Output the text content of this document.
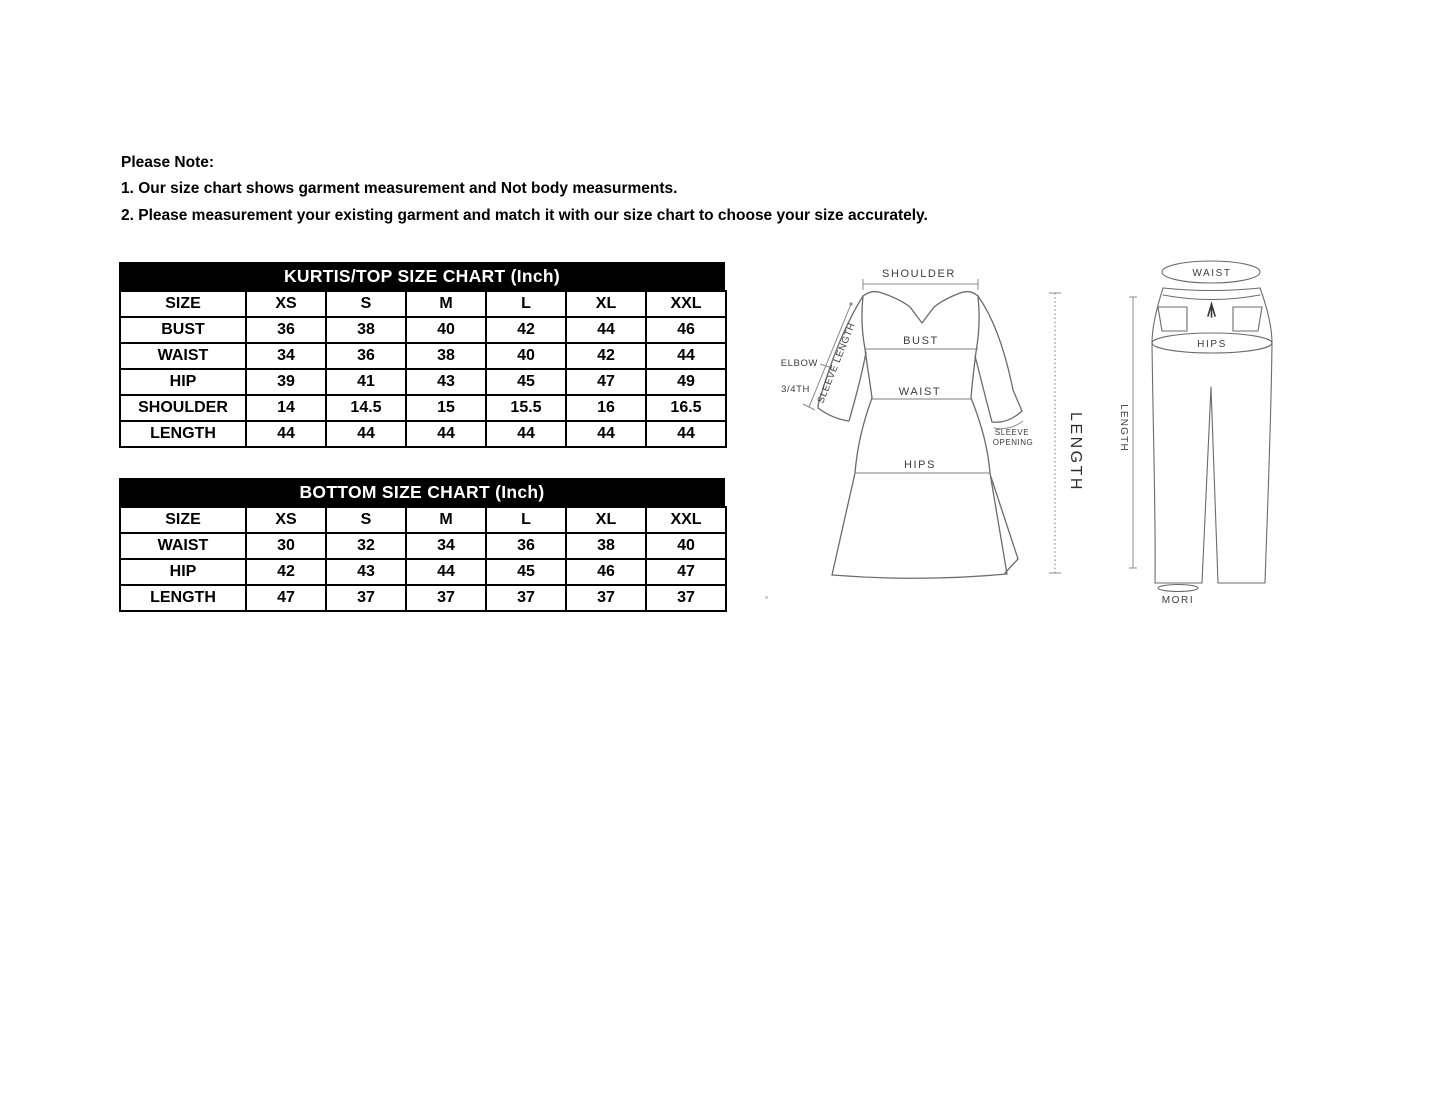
Please Note:
1. Our size chart shows garment measurement and Not body measurments.
2. Please measurement your existing garment and match it with our size chart to choose your size accurately.
KURTIS/TOP SIZE CHART (Inch)
SIZE	XS	S	M	L	XL	XXL
BUST	36	38	40	42	44	46
WAIST	34	36	38	40	42	44
HIP	39	41	43	45	47	49
SHOULDER	14	14.5	15	15.5	16	16.5
LENGTH	44	44	44	44	44	44
BOTTOM SIZE CHART (Inch)
SIZE	XS	S	M	L	XL	XXL
WAIST	30	32	34	36	38	40
HIP	42	43	44	45	46	47
LENGTH	47	37	37	37	37	37
SHOULDER
BUST
WAIST
HIPS
SLEEVE LENGTH
ELBOW
3/4TH
SLEEVE
OPENING LENGTH	LENGTH
WAIST
HIPS
MORI
